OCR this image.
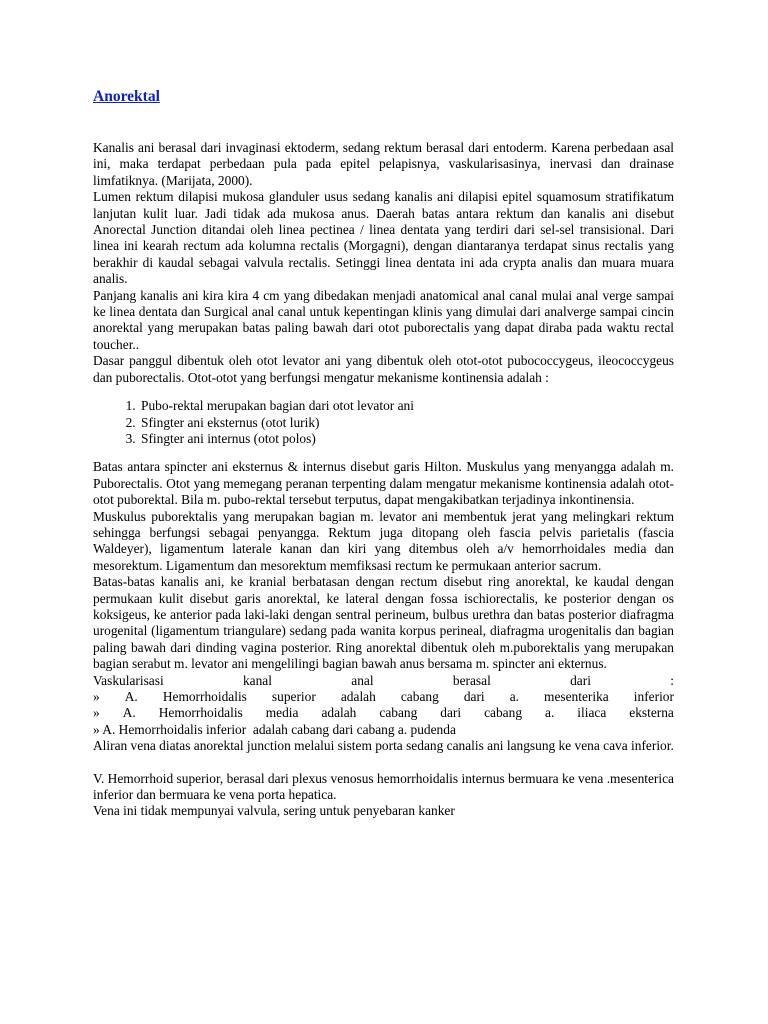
Anorektal

Kanalis ani berasal dari invaginasi ektoderm, sedang rektum berasal dari entoderm. Karena perbedaan asal ini, maka terdapat perbedaan pula pada epitel pelapisnya, vaskularisasinya, inervasi dan drainase limfatiknya. (Marijata, 2000).

Lumen rektum dilapisi mukosa glanduler usus sedang kanalis ani dilapisi epitel squamosum stratifikatum lanjutan kulit luar. Jadi tidak ada mukosa anus. Daerah batas antara rektum dan kanalis ani disebut Anorectal Junction ditandai oleh linea pectinea / linea dentata yang terdiri dari sel-sel transisional. Dari linea ini kearah rectum ada kolumna rectalis (Morgagni), dengan diantaranya terdapat sinus rectalis yang berakhir di kaudal sebagai valvula rectalis. Setinggi linea dentata ini ada crypta analis dan muara muara analis.

Panjang kanalis ani kira kira 4 cm yang dibedakan menjadi anatomical anal canal mulai anal verge sampai ke linea dentata dan Surgical anal canal untuk kepentingan klinis yang dimulai dari analverge sampai cincin anorektal yang merupakan batas paling bawah dari otot puborectalis yang dapat diraba pada waktu rectal toucher..

Dasar panggul dibentuk oleh otot levator ani yang dibentuk oleh otot-otot pubococcygeus, ileococcygeus dan puborectalis. Otot-otot yang berfungsi mengatur mekanisme kontinensia adalah :

1. Pubo-rektal merupakan bagian dari otot levator ani
2. Sfingter ani eksternus (otot lurik)
3. Sfingter ani internus (otot polos)

Batas antara spincter ani eksternus & internus disebut garis Hilton. Muskulus yang menyangga adalah m. Puborectalis. Otot yang memegang peranan terpenting dalam mengatur mekanisme kontinensia adalah otot-otot puborektal. Bila m. pubo-rektal tersebut terputus, dapat mengakibatkan terjadinya inkontinensia.

Muskulus puborektalis yang merupakan bagian m. levator ani membentuk jerat yang melingkari rektum sehingga berfungsi sebagai penyangga. Rektum juga ditopang oleh fascia pelvis parietalis (fascia Waldeyer), ligamentum laterale kanan dan kiri yang ditembus oleh a/v hemorrhoidales media dan mesorektum. Ligamentum dan mesorektum memfiksasi rectum ke permukaan anterior sacrum.

Batas-batas kanalis ani, ke kranial berbatasan dengan rectum disebut ring anorektal, ke kaudal dengan permukaan kulit disebut garis anorektal, ke lateral dengan fossa ischiorectalis, ke posterior dengan os koksigeus, ke anterior pada laki-laki dengan sentral perineum, bulbus urethra dan batas posterior diafragma urogenital (ligamentum triangulare) sedang pada wanita korpus perineal, diafragma urogenitalis dan bagian paling bawah dari dinding vagina posterior. Ring anorektal dibentuk oleh m.puborektalis yang merupakan bagian serabut m. levator ani mengelilingi bagian bawah anus bersama m. spincter ani ekternus.

Vaskularisasi	kanal	anal	berasal	dari	:
» A. Hemorrhoidalis superior adalah cabang dari a. mesenterika inferior
» A. Hemorrhoidalis media adalah cabang dari cabang a. iliaca eksterna

» A. Hemorrhoidalis inferior  adalah cabang dari cabang a. pudenda

Aliran vena diatas anorektal junction melalui sistem porta sedang canalis ani langsung ke vena cava inferior.

V. Hemorrhoid superior, berasal dari plexus venosus hemorrhoidalis internus bermuara ke vena .mesenterica inferior dan bermuara ke vena porta hepatica.

Vena ini tidak mempunyai valvula, sering untuk penyebaran kanker
